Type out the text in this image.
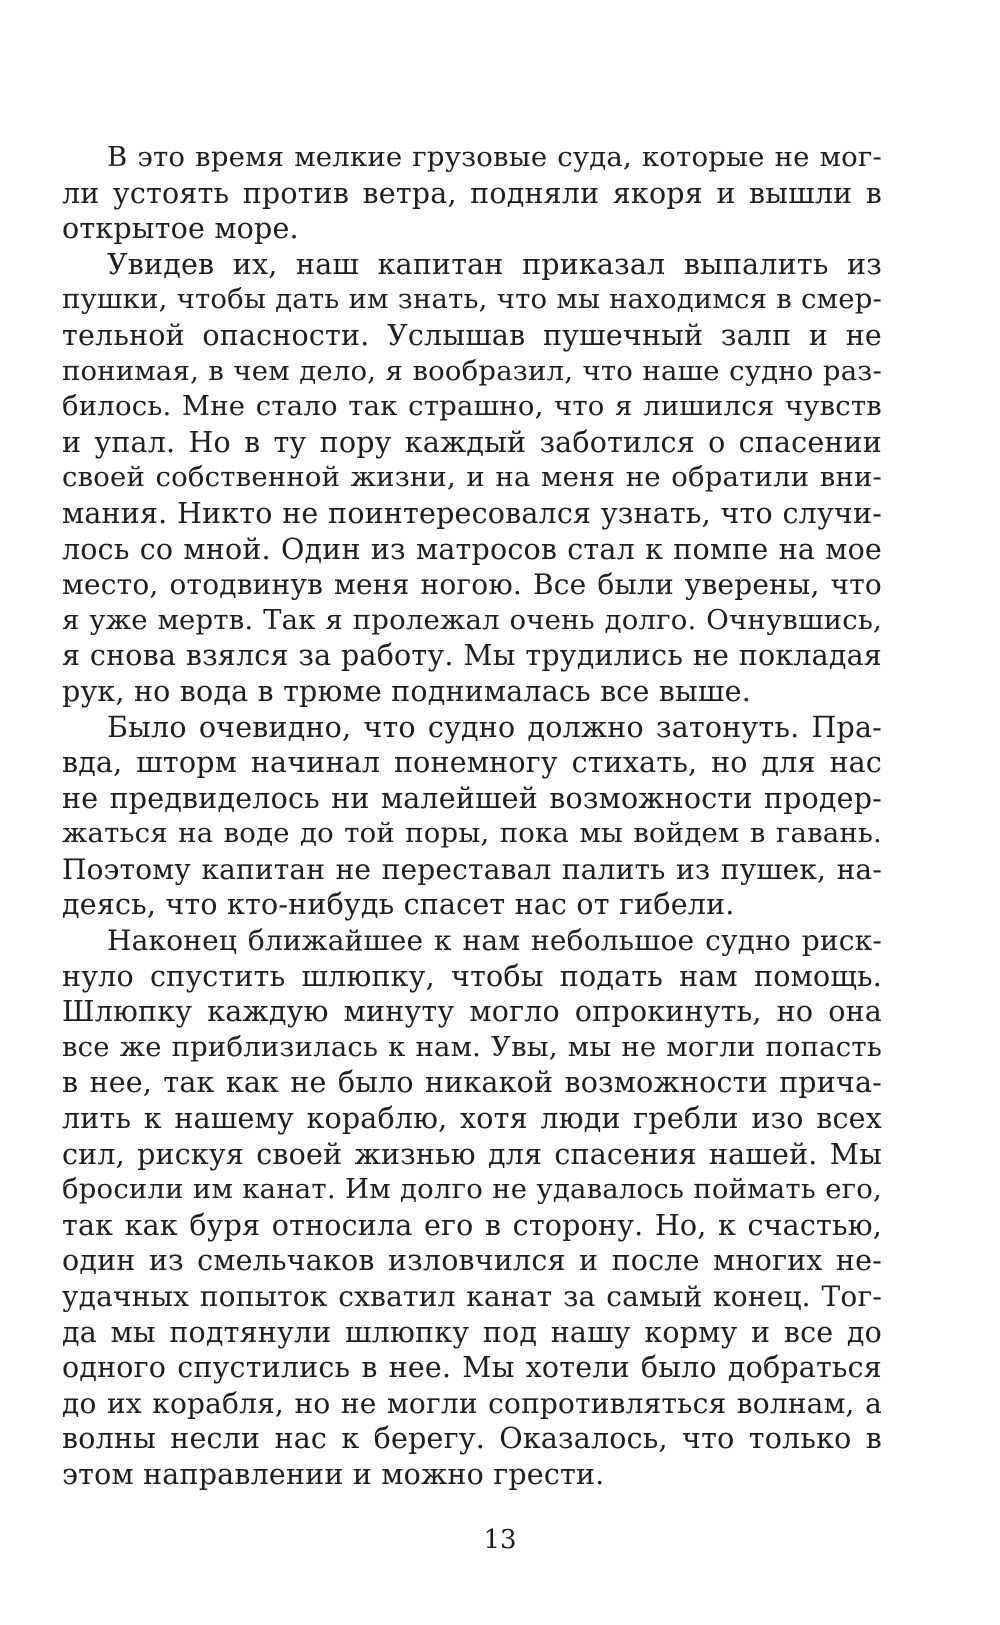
В это время мелкие грузовые суда, которые не мог-
ли устоять против ветра, подняли якоря и вышли в
открытое море.
Увидев их, наш капитан приказал выпалить из
пушки, чтобы дать им знать, что мы находимся в смер-
тельной опасности. Услышав пушечный залп и не
понимая, в чем дело, я вообразил, что наше судно раз-
билось. Мне стало так страшно, что я лишился чувств
и упал. Но в ту пору каждый заботился о спасении
своей собственной жизни, и на меня не обратили вни-
мания. Никто не поинтересовался узнать, что случи-
лось со мной. Один из матросов стал к помпе на мое
место, отодвинув меня ногою. Все были уверены, что
я уже мертв. Так я пролежал очень долго. Очнувшись,
я снова взялся за работу. Мы трудились не покладая
рук, но вода в трюме поднималась все выше.
Было очевидно, что судно должно затонуть. Пра-
вда, шторм начинал понемногу стихать, но для нас
не предвиделось ни малейшей возможности продер-
жаться на воде до той поры, пока мы войдем в гавань.
Поэтому капитан не переставал палить из пушек, на-
деясь, что кто-нибудь спасет нас от гибели.
Наконец ближайшее к нам небольшое судно риск-
нуло спустить шлюпку, чтобы подать нам помощь.
Шлюпку каждую минуту могло опрокинуть, но она
все же приблизилась к нам. Увы, мы не могли попасть
в нее, так как не было никакой возможности прича-
лить к нашему кораблю, хотя люди гребли изо всех
сил, рискуя своей жизнью для спасения нашей. Мы
бросили им канат. Им долго не удавалось поймать его,
так как буря относила его в сторону. Но, к счастью,
один из смельчаков изловчился и после многих не-
удачных попыток схватил канат за самый конец. Тог-
да мы подтянули шлюпку под нашу корму и все до
одного спустились в нее. Мы хотели было добраться
до их корабля, но не могли сопротивляться волнам, а
волны несли нас к берегу. Оказалось, что только в
этом направлении и можно грести.
13
